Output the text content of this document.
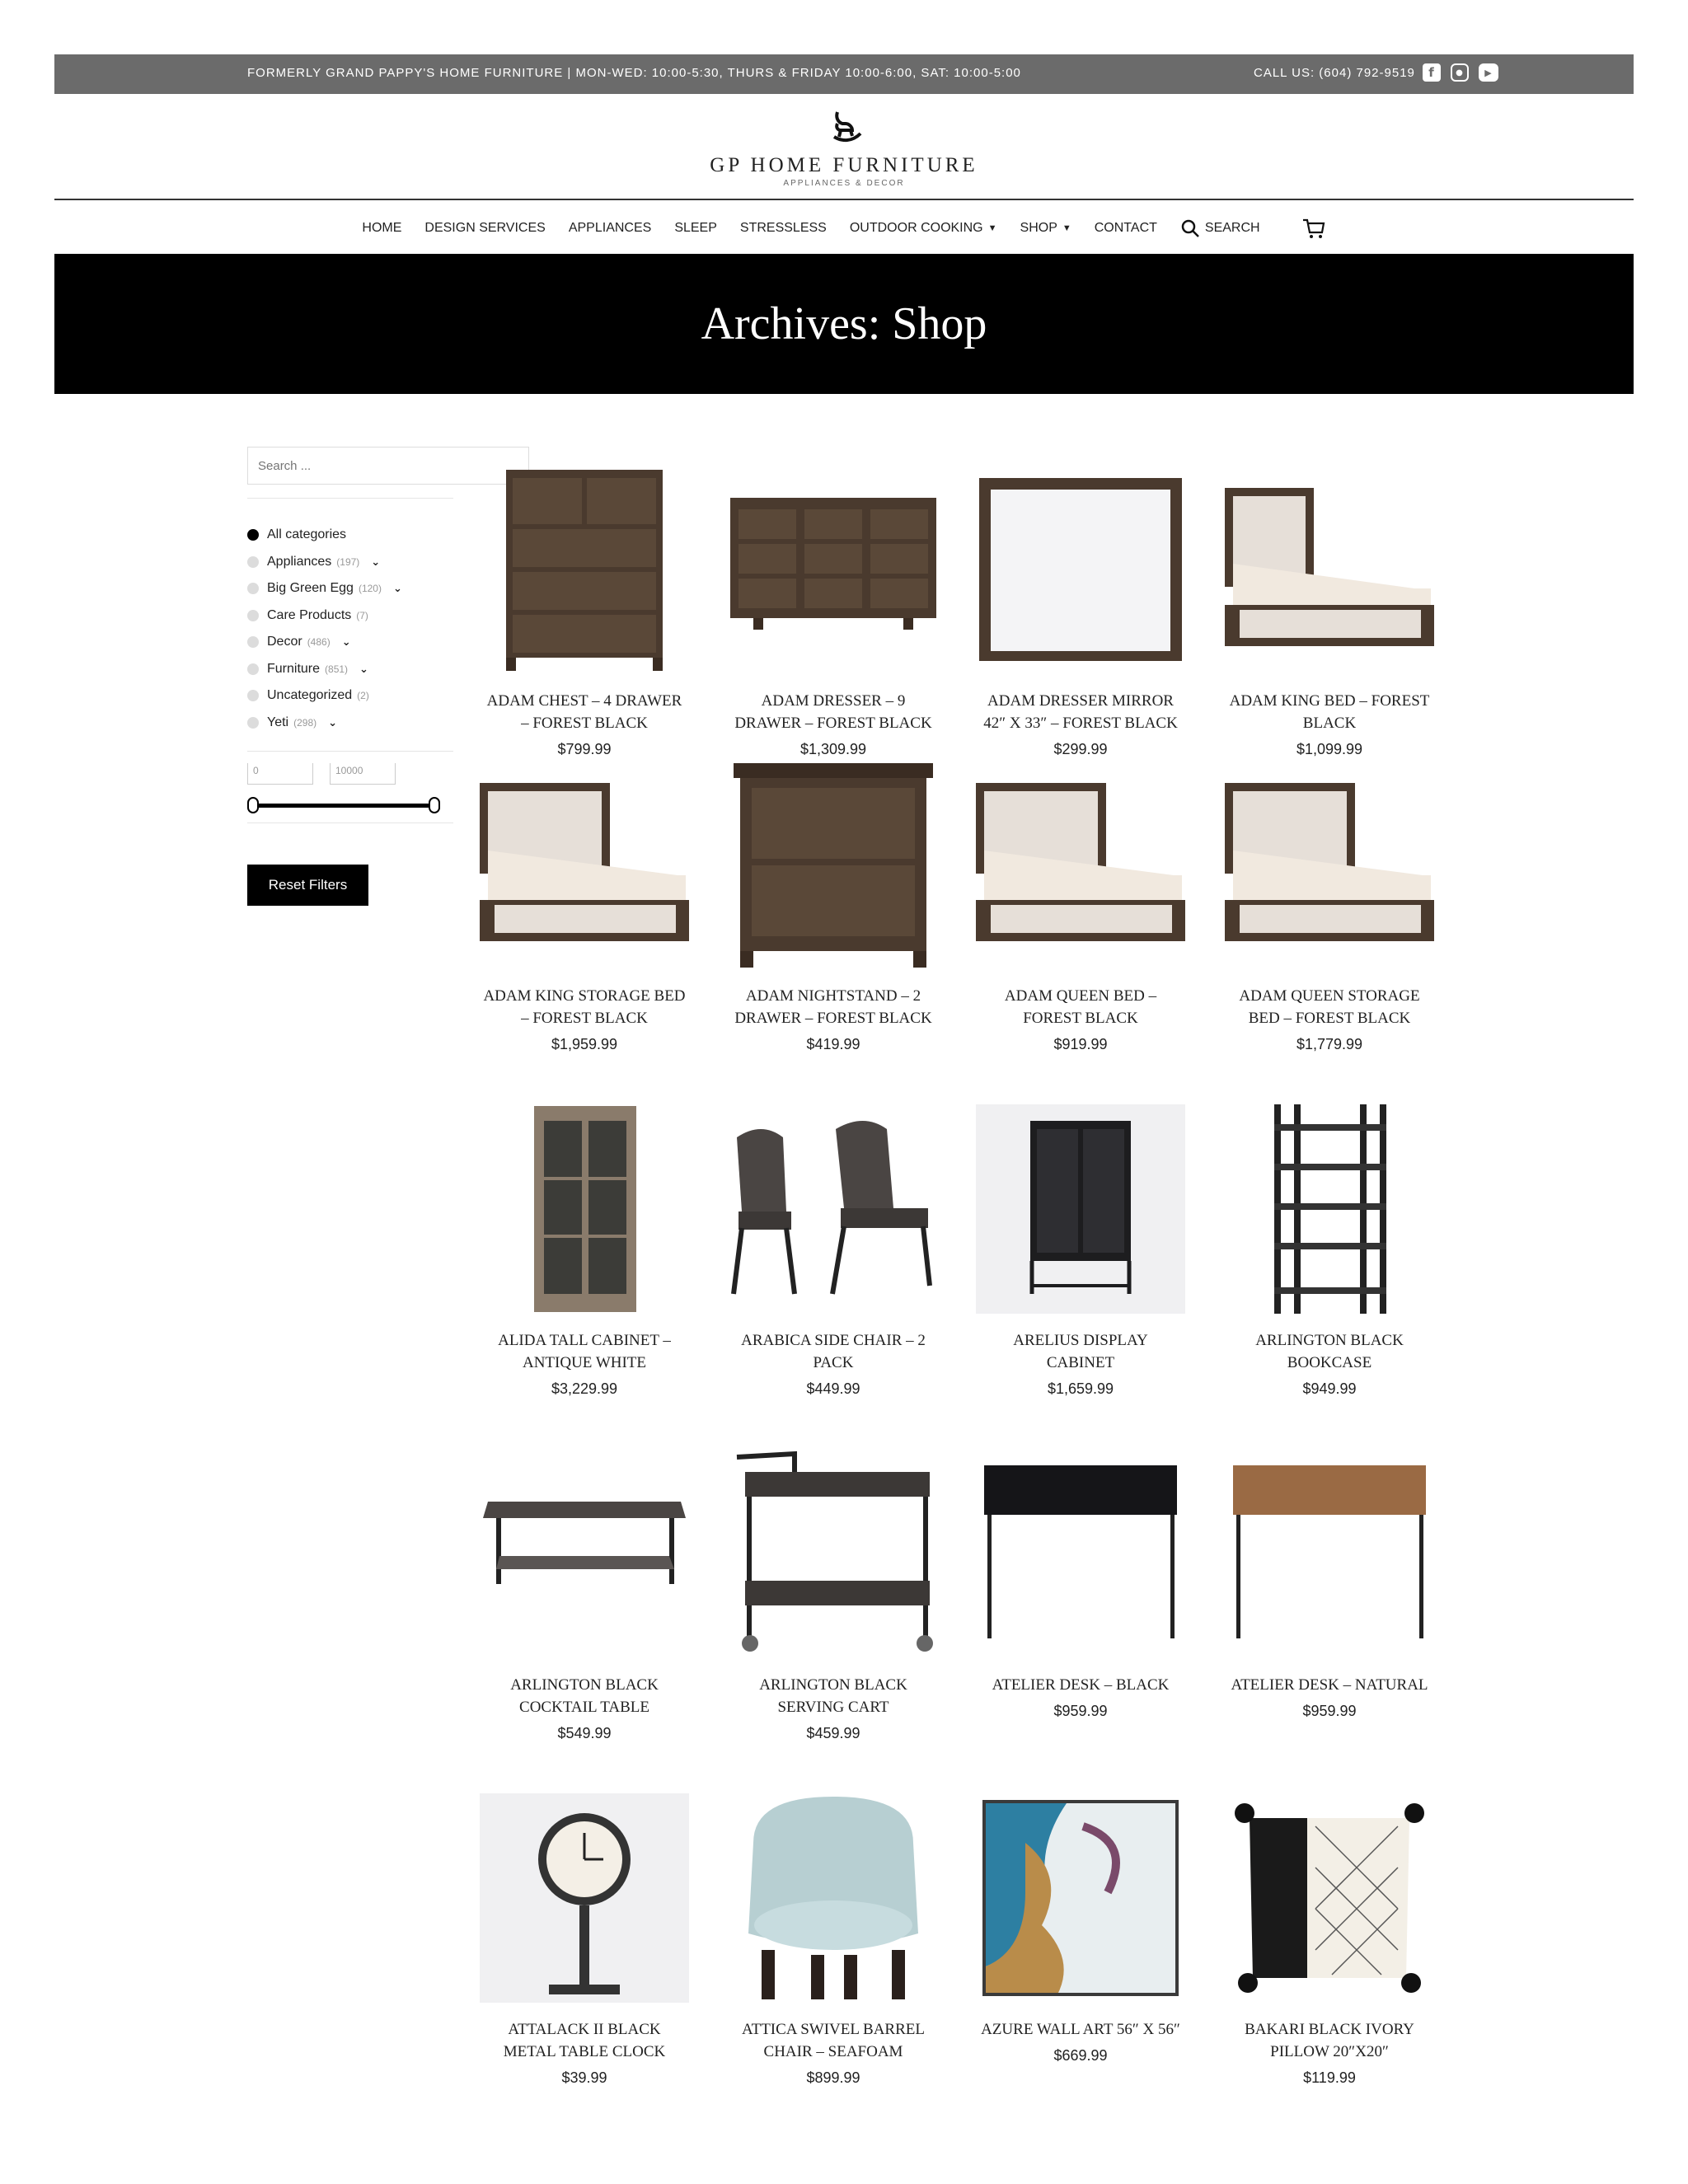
FORMERLY GRAND PAPPY'S HOME FURNITURE | MON-WED: 10:00-5:30, THURS & FRIDAY 10:00-6:00, SAT: 10:00-5:00	CALL US: (604) 792-9519	f	●	▶
GP HOME FURNITURE
APPLIANCES & DECOR
HOME DESIGN SERVICES APPLIANCES SLEEP STRESSLESS OUTDOOR COOKING ▼ SHOP ▼ CONTACT	SEARCH
Archives: Shop
Search ...
All categories
Appliances (197) ⌄
Big Green Egg (120) ⌄
Care Products (7)
Decor (486) ⌄
Furniture (851) ⌄
Uncategorized (2)
Yeti (298) ⌄
0	10000
Reset Filters
ADAM CHEST – 4 DRAWER – FOREST BLACK
$799.99
ADAM DRESSER – 9 DRAWER – FOREST BLACK
$1,309.99
ADAM DRESSER MIRROR 42″ X 33″ – FOREST BLACK
$299.99
ADAM KING BED – FOREST BLACK
$1,099.99
ADAM KING STORAGE BED – FOREST BLACK
$1,959.99
ADAM NIGHTSTAND – 2 DRAWER – FOREST BLACK
$419.99
ADAM QUEEN BED – FOREST BLACK
$919.99
ADAM QUEEN STORAGE BED – FOREST BLACK
$1,779.99
ALIDA TALL CABINET – ANTIQUE WHITE
$3,229.99
ARABICA SIDE CHAIR – 2 PACK
$449.99
ARELIUS DISPLAY CABINET
$1,659.99
ARLINGTON BLACK BOOKCASE
$949.99
ARLINGTON BLACK COCKTAIL TABLE
$549.99
ARLINGTON BLACK SERVING CART
$459.99
ATELIER DESK – BLACK
$959.99
ATELIER DESK – NATURAL
$959.99
ATTALACK II BLACK METAL TABLE CLOCK
$39.99
ATTICA SWIVEL BARREL CHAIR – SEAFOAM
$899.99
AZURE WALL ART 56″ X 56″
$669.99
BAKARI BLACK IVORY PILLOW 20″X20″
$119.99
